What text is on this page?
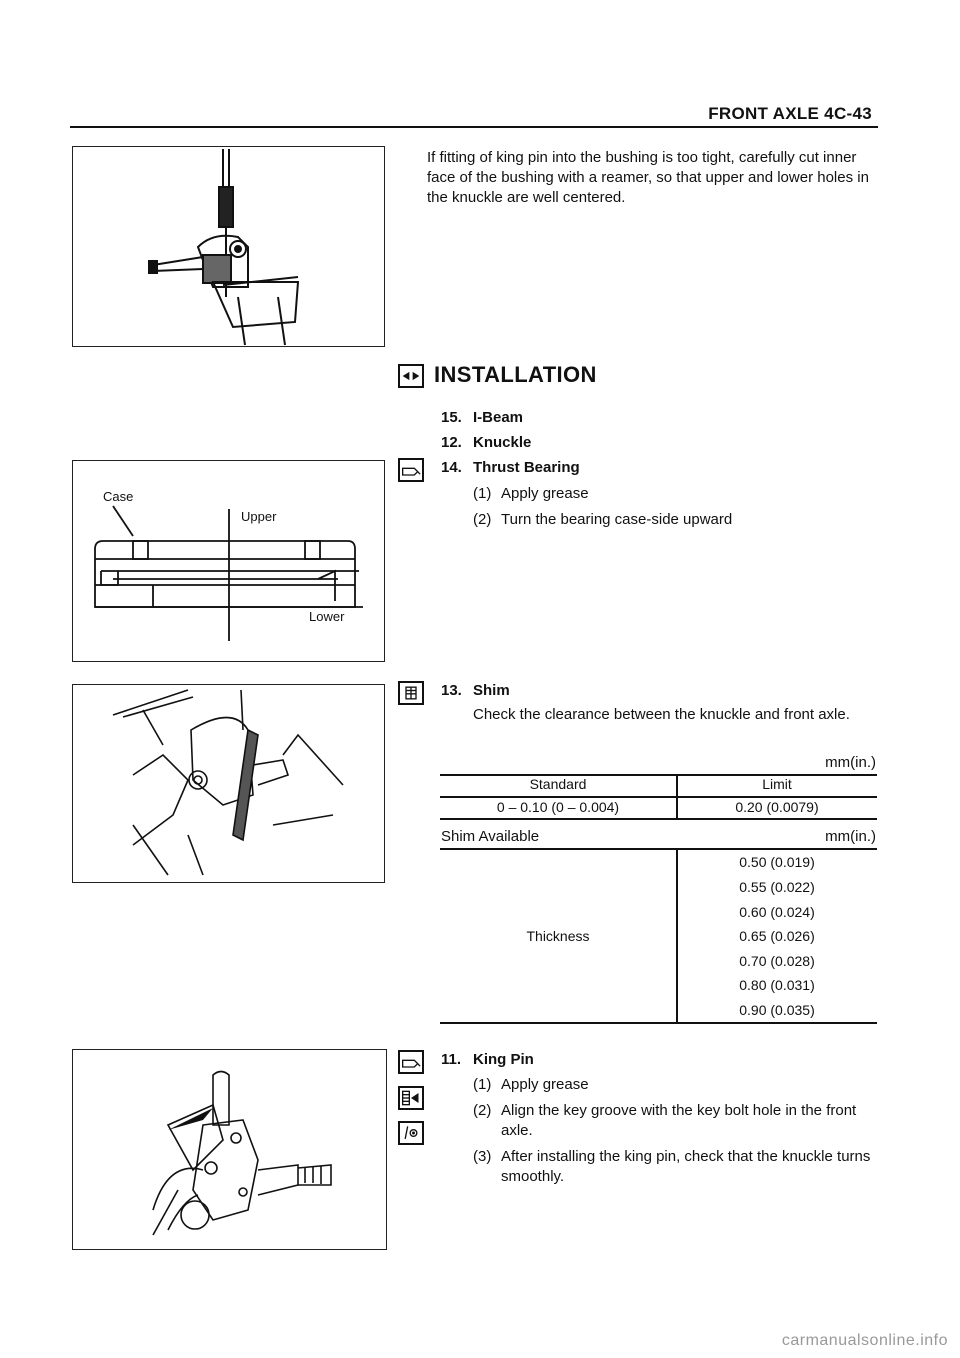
FRONT AXLE 4C-43
If fitting of king pin into the bushing is too tight, carefully cut inner face of the bushing with a reamer, so that upper and lower holes in the knuckle are well centered.
INSTALLATION
15. I-Beam
12. Knuckle
14. Thrust Bearing
(1) Apply grease
(2) Turn the bearing case-side upward
Case
Upper
Lower
13. Shim
Check the clearance between the knuckle and front axle.
mm(in.)
Standard	Limit
0 – 0.10 (0 – 0.004)	0.20 (0.0079)
Shim Available	mm(in.)
Thickness
0.50 (0.019)
0.55 (0.022)
0.60 (0.024)
0.65 (0.026)
0.70 (0.028)
0.80 (0.031)
0.90 (0.035)
11. King Pin
(1) Apply grease
(2) Align the key groove with the key bolt hole in the front axle.
(3) After installing the king pin, check that the knuckle turns smoothly.
carmanualsonline.info
